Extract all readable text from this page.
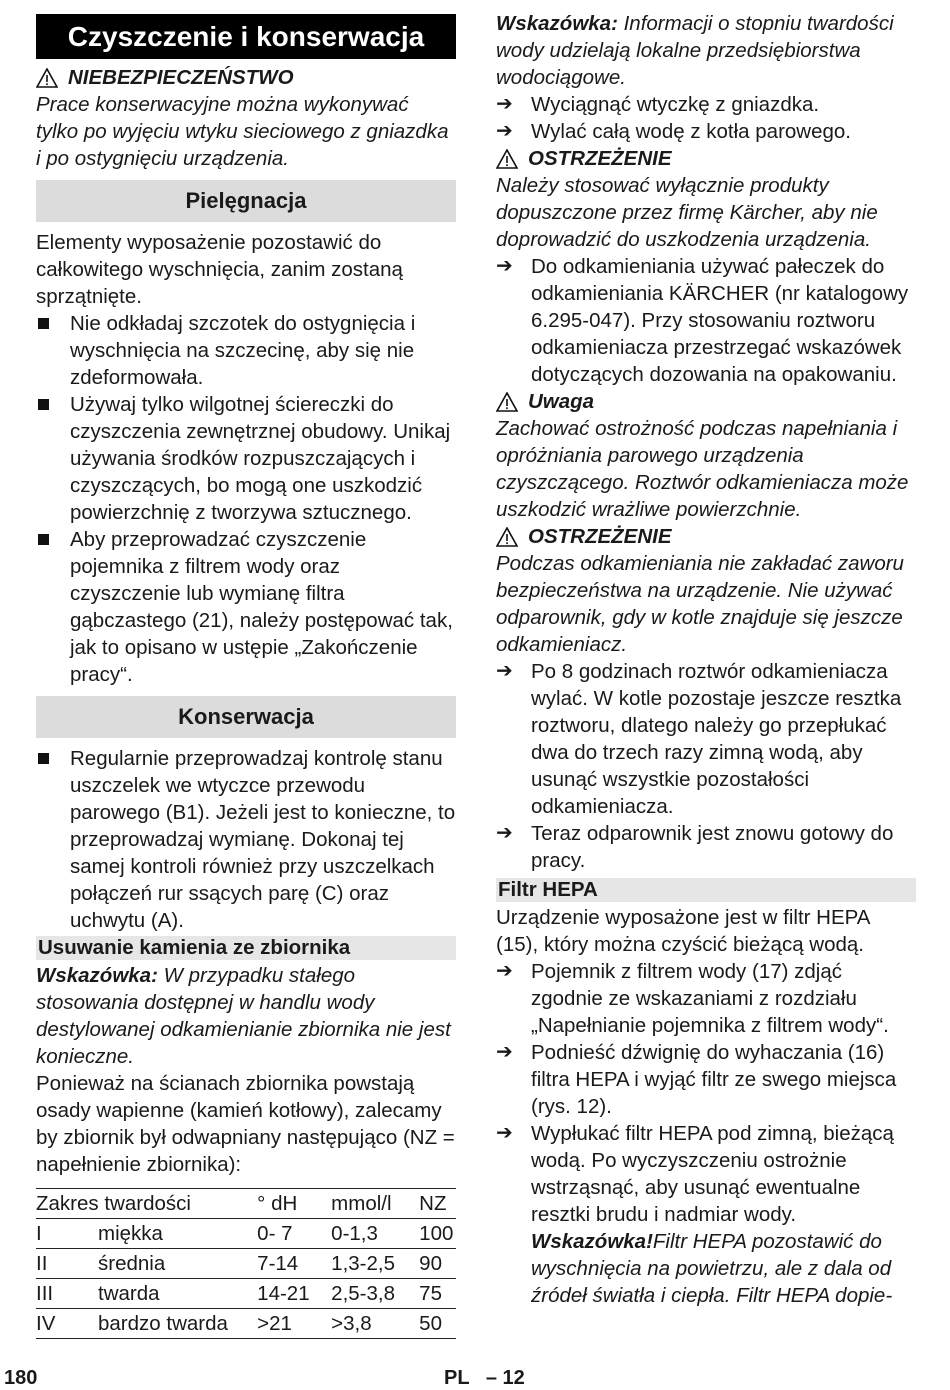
Czyszczenie i konserwacja
NIEBEZPIECZEŃSTWO

Prace konserwacyjne można wykonywać tylko po wyjęciu wtyku sieciowego z gniazdka i po ostygnięciu urządzenia.

Pielęgnacja

Elementy wyposażenie pozostawić do całkowitego wyschnięcia, zanim zostaną sprzątnięte.

Nie odkładaj szczotek do ostygnięcia i wyschnięcia na szczecinę, aby się nie zdeformowała.
Używaj tylko wilgotnej ściereczki do czyszczenia zewnętrznej obudowy. Unikaj używania środków rozpuszczających i czyszczących, bo mogą one uszkodzić powierzchnię z tworzywa sztucznego.
Aby przeprowadzać czyszczenie pojemnika z filtrem wody oraz czyszczenie lub wymianę filtra gąbczastego (21), należy postępować tak, jak to opisano w ustępie „Zakończenie pracy“.
Konserwacja
Regularnie przeprowadzaj kontrolę stanu uszczelek we wtyczce przewodu parowego (B1). Jeżeli jest to konieczne, to przeprowadzaj wymianę. Dokonaj tej samej kontroli również przy uszczelkach połączeń rur ssących parę (C) oraz uchwytu (A).
Usuwanie kamienia ze zbiornika

Wskazówka: W przypadku stałego stosowania dostępnej w handlu wody destylowanej odkamienianie zbiornika nie jest konieczne.

Ponieważ na ścianach zbiornika powstają osady wapienne (kamień kotłowy), zalecamy by zbiornik był odwapniany następująco (NZ = napełnienie zbiornika):

Zakres twardości		° dH	mmol/l	NZ
I	miękka	0- 7	0-1,3	100
II	średnia	7-14	1,3-2,5	90
III	twarda	14-21	2,5-3,8	75
IV	bardzo twarda	>21	>3,8	50

Wskazówka: Informacji o stopniu twardości wody udzielają lokalne przedsiębiorstwa wodociągowe.

➔ Wyciągnąć wtyczkę z gniazdka.
➔ Wylać całą wodę z kotła parowego.
OSTRZEŻENIE

Należy stosować wyłącznie produkty dopuszczone przez firmę Kärcher, aby nie doprowadzić do uszkodzenia urządzenia.

➔ Do odkamieniania używać pałeczek do odkamieniania KÄRCHER (nr katalogowy 6.295-047). Przy stosowaniu roztworu odkamieniacza przestrzegać wskazówek dotyczących dozowania na opakowaniu.
Uwaga

Zachować ostrożność podczas napełniania i opróżniania parowego urządzenia czyszczącego. Roztwór odkamieniacza może uszkodzić wrażliwe powierzchnie.

OSTRZEŻENIE

Podczas odkamieniania nie zakładać zaworu bezpieczeństwa na urządzenie. Nie używać odparownik, gdy w kotle znajduje się jeszcze odkamieniacz.

➔ Po 8 godzinach roztwór odkamieniacza wylać. W kotle pozostaje jeszcze resztka roztworu, dlatego należy go przepłukać dwa do trzech razy zimną wodą, aby usunąć wszystkie pozostałości odkamieniacza.
➔ Teraz odparownik jest znowu gotowy do pracy.
Filtr HEPA

Urządzenie wyposażone jest w filtr HEPA (15), który można czyścić bieżącą wodą.

➔ Pojemnik z filtrem wody (17) zdjąć zgodnie ze wskazaniami z rozdziału „Napełnianie pojemnika z filtrem wody“.
➔ Podnieść dźwignię do wyhaczania (16) filtra HEPA i wyjąć filtr ze swego miejsca (rys. 12).
➔ Wypłukać filtr HEPA pod zimną, bieżącą wodą. Po wyczyszczeniu ostrożnie wstrząsnąć, aby usunąć ewentualne resztki brudu i nadmiar wody.
Wskazówka!Filtr HEPA pozostawić do wyschnięcia na powietrzu, ale z dala od źródeł światła i ciepła. Filtr HEPA dopie-
180	PL   – 12
